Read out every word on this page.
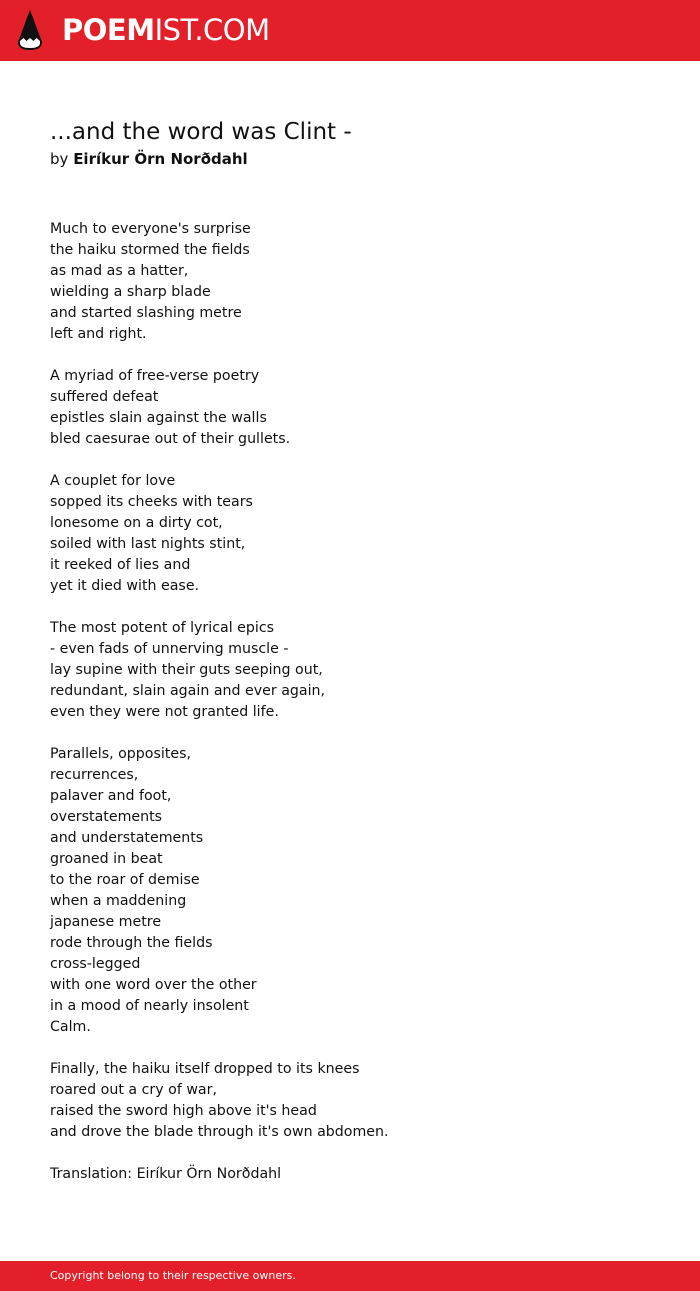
POEMIST.COM
...and the word was Clint -
by Eiríkur Örn Norðdahl
Much to everyone's surprise
the haiku stormed the fields
as mad as a hatter,
wielding a sharp blade
and started slashing metre
left and right.
A myriad of free-verse poetry
suffered defeat
epistles slain against the walls
bled caesurae out of their gullets.
A couplet for love
sopped its cheeks with tears
lonesome on a dirty cot,
soiled with last nights stint,
it reeked of lies and
yet it died with ease.
The most potent of lyrical epics
- even fads of unnerving muscle -
lay supine with their guts seeping out,
redundant, slain again and ever again,
even they were not granted life.
Parallels, opposites,
recurrences,
palaver and foot,
overstatements
and understatements
groaned in beat
to the roar of demise
when a maddening
japanese metre
rode through the fields
cross-legged
with one word over the other
in a mood of nearly insolent
Calm.
Finally, the haiku itself dropped to its knees
roared out a cry of war,
raised the sword high above it's head
and drove the blade through it's own abdomen.
Translation: Eiríkur Örn Norðdahl
Copyright belong to their respective owners.
